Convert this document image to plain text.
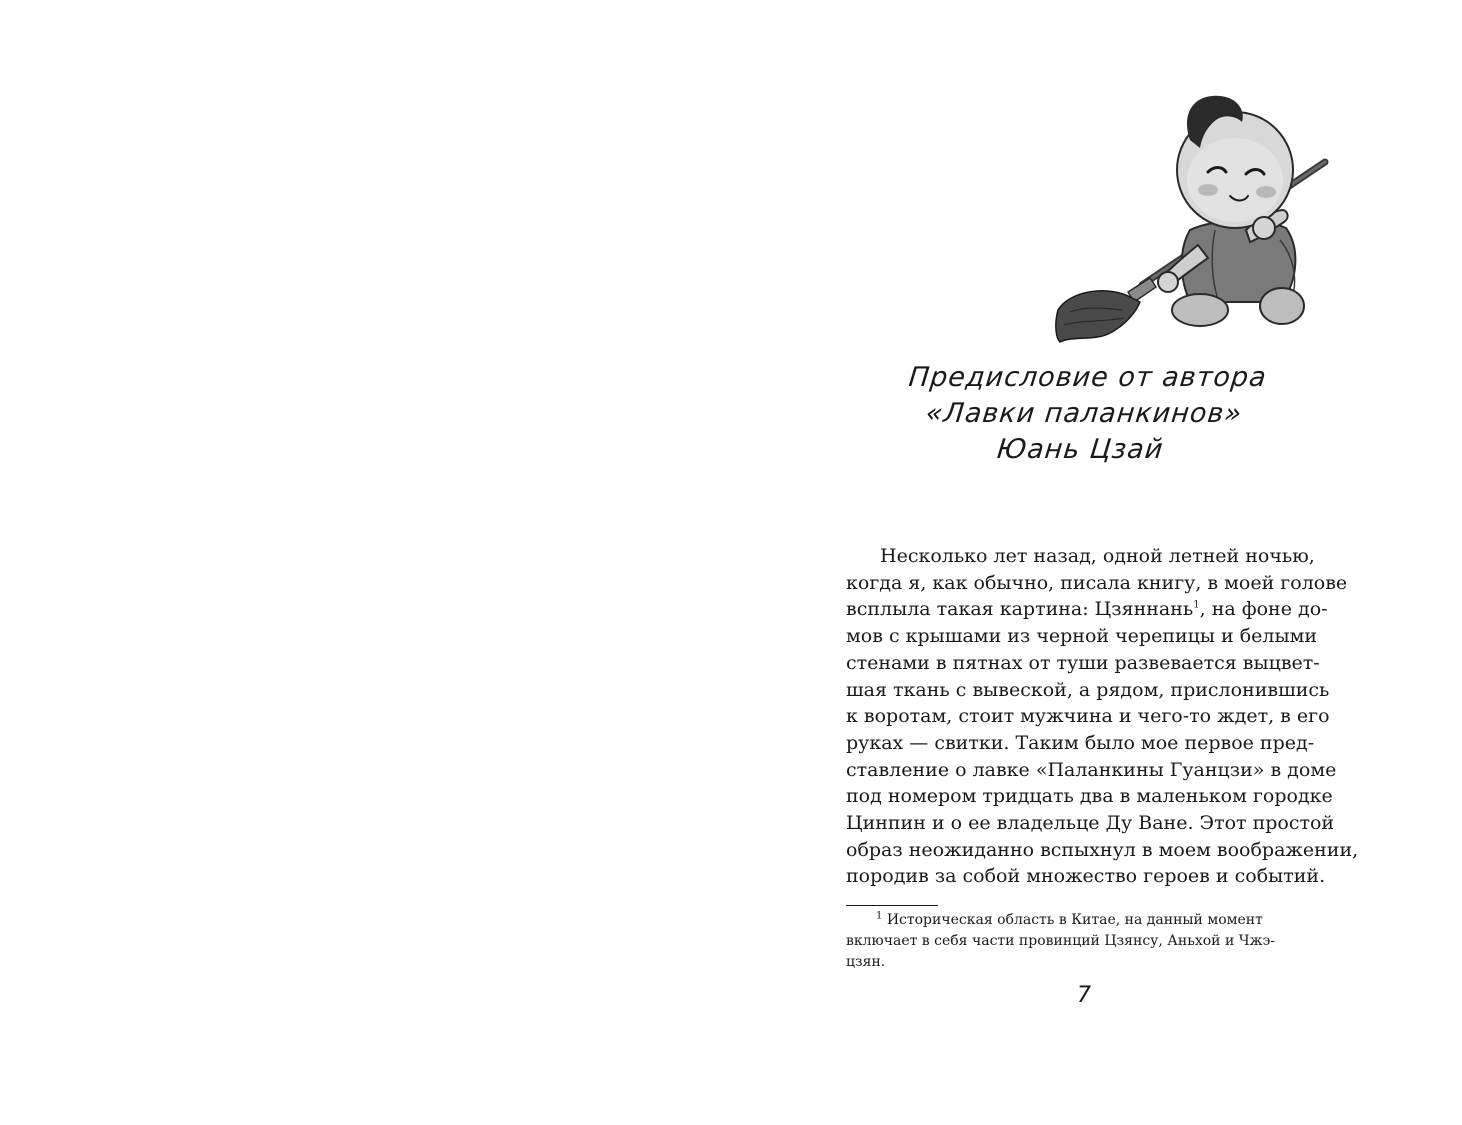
Предисловие от автора
«Лавки паланкинов»
Юань Цзай
Несколько лет назад, одной летней ночью,
когда я, как обычно, писала книгу, в моей голове
всплыла такая картина: Цзяннань$^1$, на фоне до-
мов с крышами из черной черепицы и белыми
стенами в пятнах от туши развевается выцвет-
шая ткань с вывеской, а рядом, прислонившись
к воротам, стоит мужчина и чего-то ждет, в его
руках — свитки. Таким было мое первое пред-
ставление о лавке «Паланкины Гуанцзи» в доме
под номером тридцать два в маленьком городке
Цинпин и о ее владельце Ду Ване. Этот простой
образ неожиданно вспыхнул в моем воображении,
породив за собой множество героев и событий.
$^1$ Историческая область в Китае, на данный момент
включает в себя части провинций Цзянсу, Аньхой и Чжэ-
цзян.
7
